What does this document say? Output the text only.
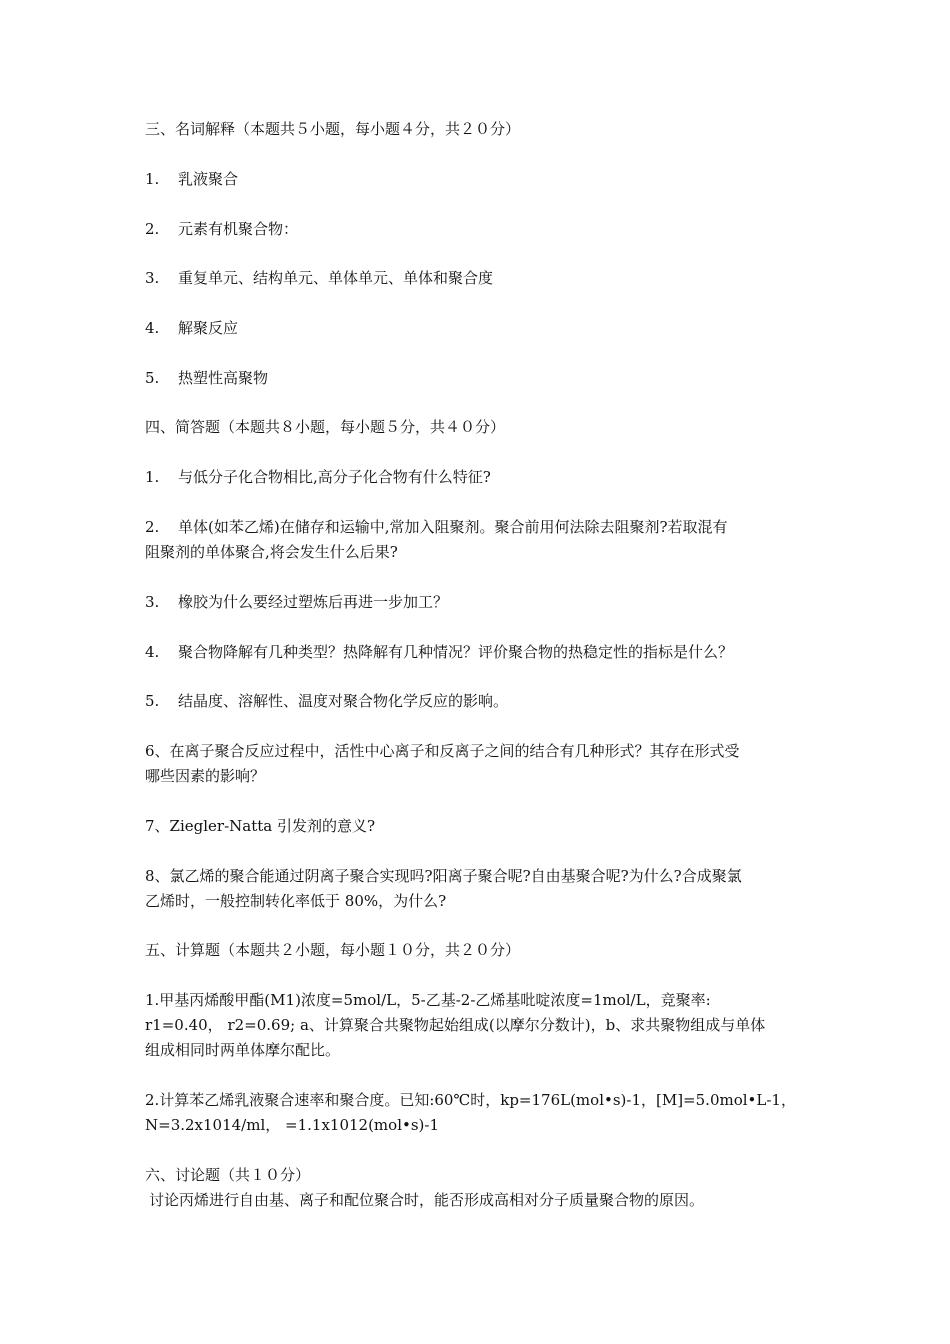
三、名词解释（本题共５小题，每小题４分，共２０分）
1. 乳液聚合
2. 元素有机聚合物：
3. 重复单元、结构单元、单体单元、单体和聚合度
4. 解聚反应
5. 热塑性高聚物
四、简答题（本题共８小题，每小题５分，共４０分）
1. 与低分子化合物相比,高分子化合物有什么特征?
2. 单体(如苯乙烯)在储存和运输中,常加入阻聚剂。聚合前用何法除去阻聚剂?若取混有
阻聚剂的单体聚合,将会发生什么后果?
3. 橡胶为什么要经过塑炼后再进一步加工？
4. 聚合物降解有几种类型？热降解有几种情况？评价聚合物的热稳定性的指标是什么？
5. 结晶度、溶解性、温度对聚合物化学反应的影响。
6、在离子聚合反应过程中，活性中心离子和反离子之间的结合有几种形式？其存在形式受
哪些因素的影响？
7、Ziegler-Natta 引发剂的意义?
8、氯乙烯的聚合能通过阴离子聚合实现吗?阳离子聚合呢?自由基聚合呢?为什么?合成聚氯
乙烯时，一般控制转化率低于 80%，为什么?
五、计算题（本题共２小题，每小题１０分，共２０分）
1.甲基丙烯酸甲酯(M1)浓度=5mol/L，5-乙基-2-乙烯基吡啶浓度=1mol/L，竞聚率:
r1=0.40， r2=0.69; a、计算聚合共聚物起始组成(以摩尔分数计)，b、求共聚物组成与单体
组成相同时两单体摩尔配比。
2.计算苯乙烯乳液聚合速率和聚合度。已知:60℃时，kp=176L(mol•s)-1，[M]=5.0mol•L-1，
N=3.2x1014/ml， =1.1x1012(mol•s)-1
六、讨论题（共１０分）
讨论丙烯进行自由基、离子和配位聚合时，能否形成高相对分子质量聚合物的原因。
